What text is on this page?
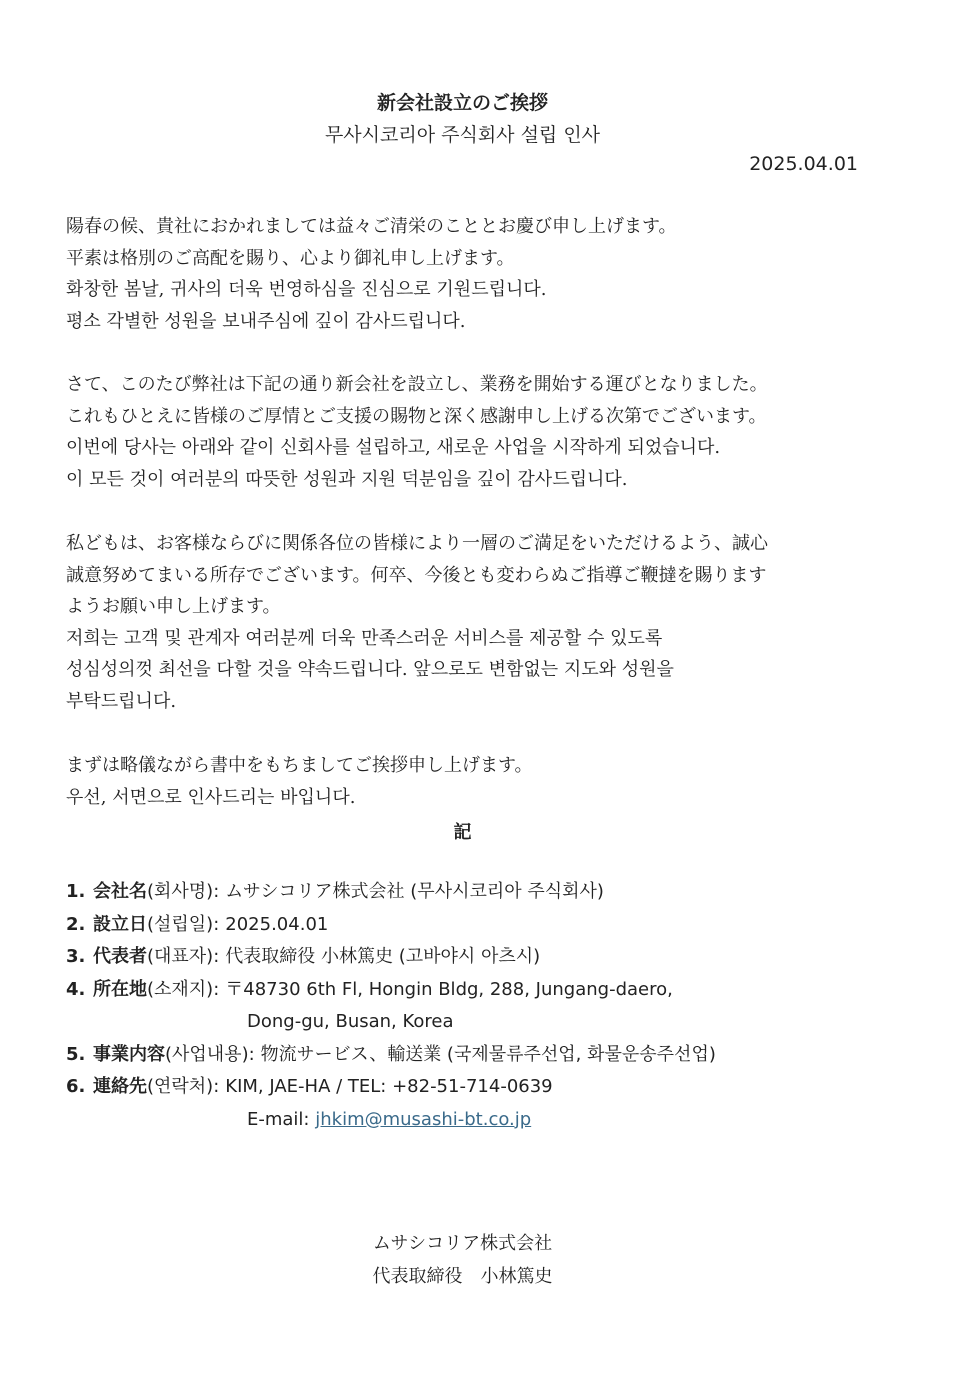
新会社設立のご挨拶
무사시코리아 주식회사 설립 인사
2025.04.01
陽春の候、貴社におかれましては益々ご清栄のこととお慶び申し上げます。
平素は格別のご高配を賜り、心より御礼申し上げます。
화창한 봄날, 귀사의 더욱 번영하심을 진심으로 기원드립니다.
평소 각별한 성원을 보내주심에 깊이 감사드립니다.
さて、このたび弊社は下記の通り新会社を設立し、業務を開始する運びとなりました。
これもひとえに皆様のご厚情とご支援の賜物と深く感謝申し上げる次第でございます。
이번에 당사는 아래와 같이 신회사를 설립하고, 새로운 사업을 시작하게 되었습니다.
이 모든 것이 여러분의 따뜻한 성원과 지원 덕분임을 깊이 감사드립니다.
私どもは、お客様ならびに関係各位の皆様により一層のご満足をいただけるよう、誠心
誠意努めてまいる所存でございます。何卒、今後とも変わらぬご指導ご鞭撻を賜ります
ようお願い申し上げます。
저희는 고객 및 관계자 여러분께 더욱 만족스러운 서비스를 제공할 수 있도록
성심성의껏 최선을 다할 것을 약속드립니다. 앞으로도 변함없는 지도와 성원을
부탁드립니다.
まずは略儀ながら書中をもちましてご挨拶申し上げます。
우선, 서면으로 인사드리는 바입니다.
記
1. 会社名 (회사명): ムサシコリア株式会社 (무사시코리아 주식회사)
2. 設立日 (설립일): 2025.04.01
3. 代表者 (대표자): 代表取締役 小林篤史 (고바야시 아츠시)
4. 所在地 (소재지): 〒48730 6th Fl, Hongin Bldg, 288, Jungang-daero,
Dong-gu, Busan, Korea
5. 事業内容 (사업내용): 物流サービス、輸送業 (국제물류주선업, 화물운송주선업)
6. 連絡先 (연락처): KIM, JAE-HA / TEL: +82-51-714-0639
E-mail: jhkim@musashi-bt.co.jp
ムサシコリア株式会社
代表取締役　小林篤史
